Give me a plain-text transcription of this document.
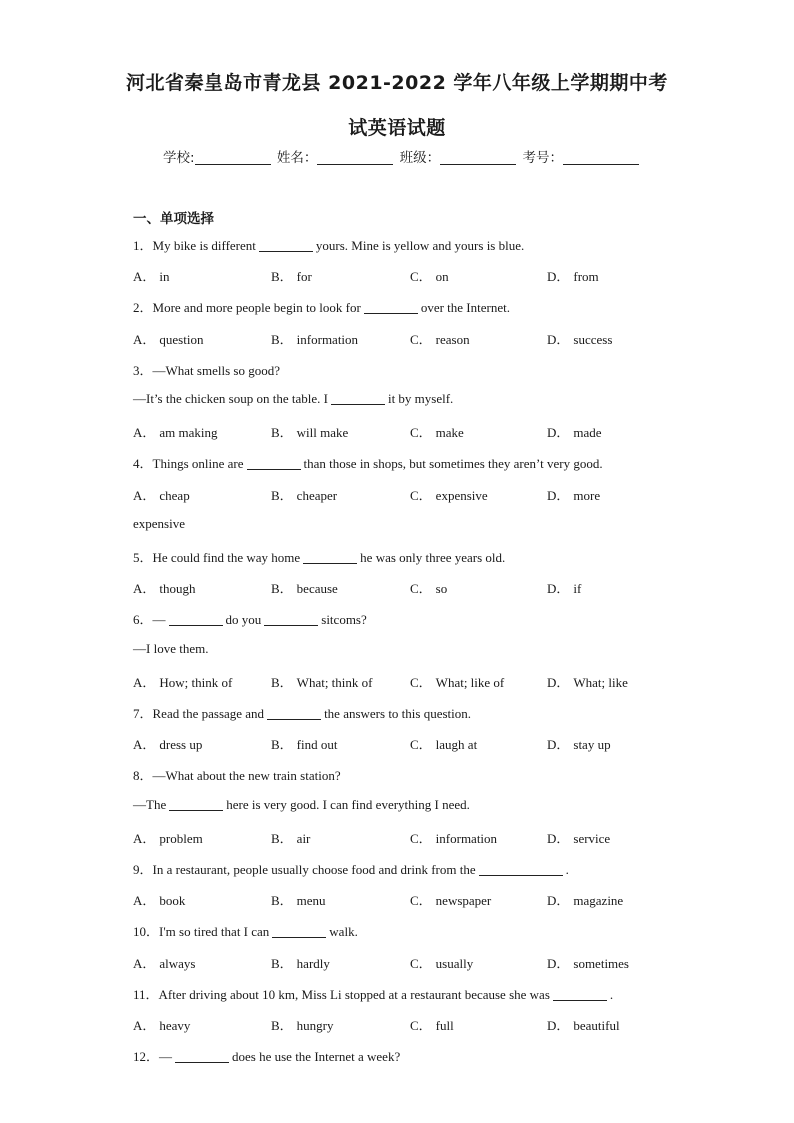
河北省秦皇岛市青龙县 2021-2022 学年八年级上学期期中考
试英语试题
学校:	姓名：	班级：	考号：
一、单项选择
1．My bike is different	yours. Mine is yellow and yours is blue.
A． in	B． for	C． on	D． from
2．More and more people begin to look for	over the Internet.
A． question	B． information	C． reason	D． success
3．—What smells so good?
—It’s the chicken soup on the table. I	it by myself.
A． am making	B． will make	C． make	D． made
4．Things online are	than those in shops, but sometimes they aren’t very good.
A． cheap	B． cheaper	C． expensive	D． more
expensive
5．He could find the way home	he was only three years old.
A． though	B． because	C． so	D． if
6．—	do you	sitcoms?
—I love them.
A． How; think of	B． What; think of	C． What; like of	D． What; like
7．Read the passage and	the answers to this question.
A． dress up	B． find out	C． laugh at	D． stay up
8．—What about the new train station?
—The	here is very good. I can find everything I need.
A． problem	B． air	C． information	D． service
9．In a restaurant, people usually choose food and drink from the	.
A． book	B． menu	C． newspaper	D． magazine
10．I'm so tired that I can	walk.
A． always	B． hardly	C． usually	D． sometimes
11．After driving about 10 km, Miss Li stopped at a restaurant because she was	.
A． heavy	B． hungry	C． full	D． beautiful
12．—	does he use the Internet a week?
